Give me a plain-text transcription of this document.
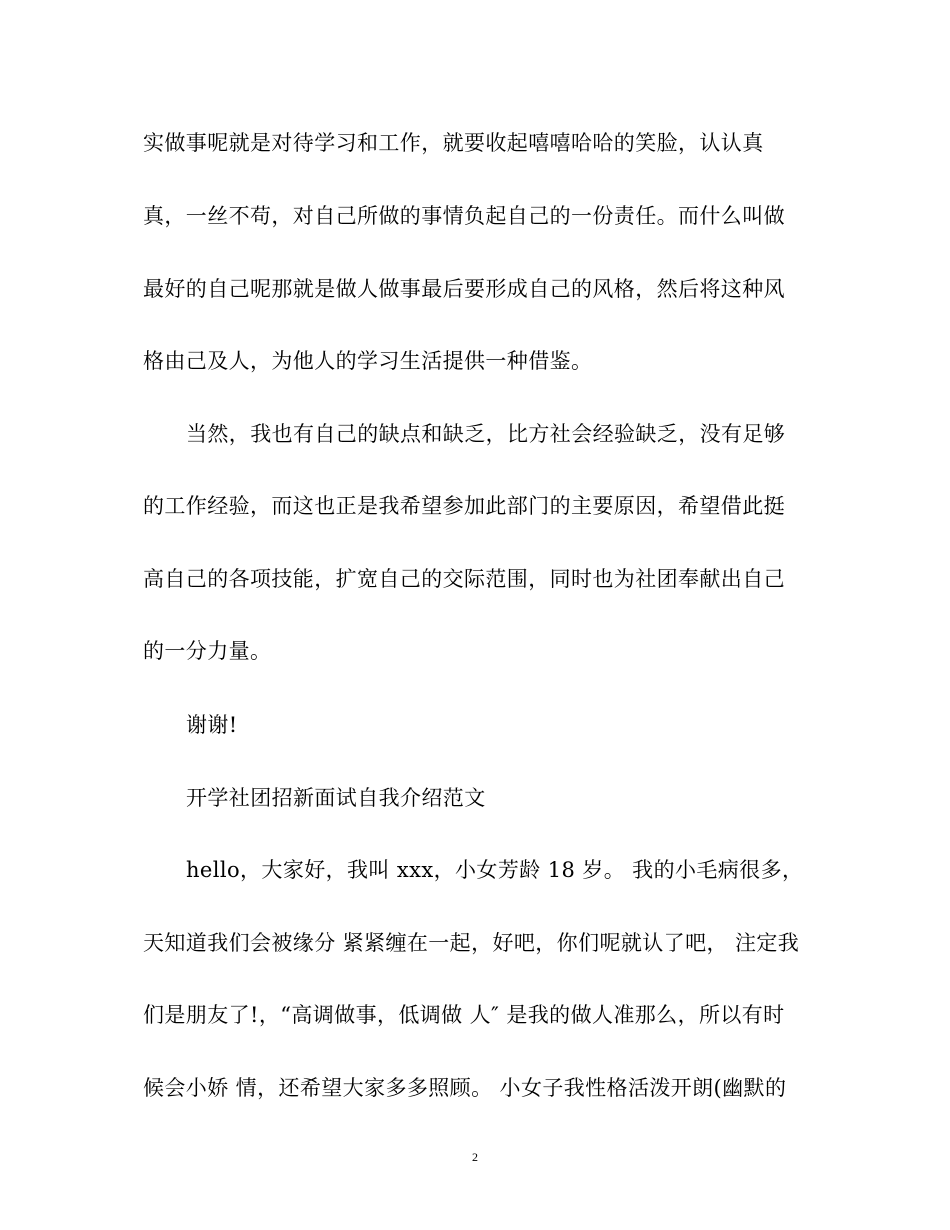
实做事呢就是对待学习和工作，就要收起嘻嘻哈哈的笑脸，认认真
真，一丝不苟，对自己所做的事情负起自己的一份责任。而什么叫做
最好的自己呢那就是做人做事最后要形成自己的风格，然后将这种风
格由己及人，为他人的学习生活提供一种借鉴。
当然，我也有自己的缺点和缺乏，比方社会经验缺乏，没有足够
的工作经验，而这也正是我希望参加此部门的主要原因，希望借此挺
高自己的各项技能，扩宽自己的交际范围，同时也为社团奉献出自己
的一分力量。
谢谢!
开学社团招新面试自我介绍范文
hello，大家好，我叫 xxx，小女芳龄 18 岁。 我的小毛病很多，
天知道我们会被缘分 紧紧缠在一起，好吧，你们呢就认了吧， 注定我
们是朋友了!，“高调做事，低调做 人″ 是我的做人准那么，所以有时
候会小娇 情，还希望大家多多照顾。 小女子我性格活泼开朗(幽默的
2
